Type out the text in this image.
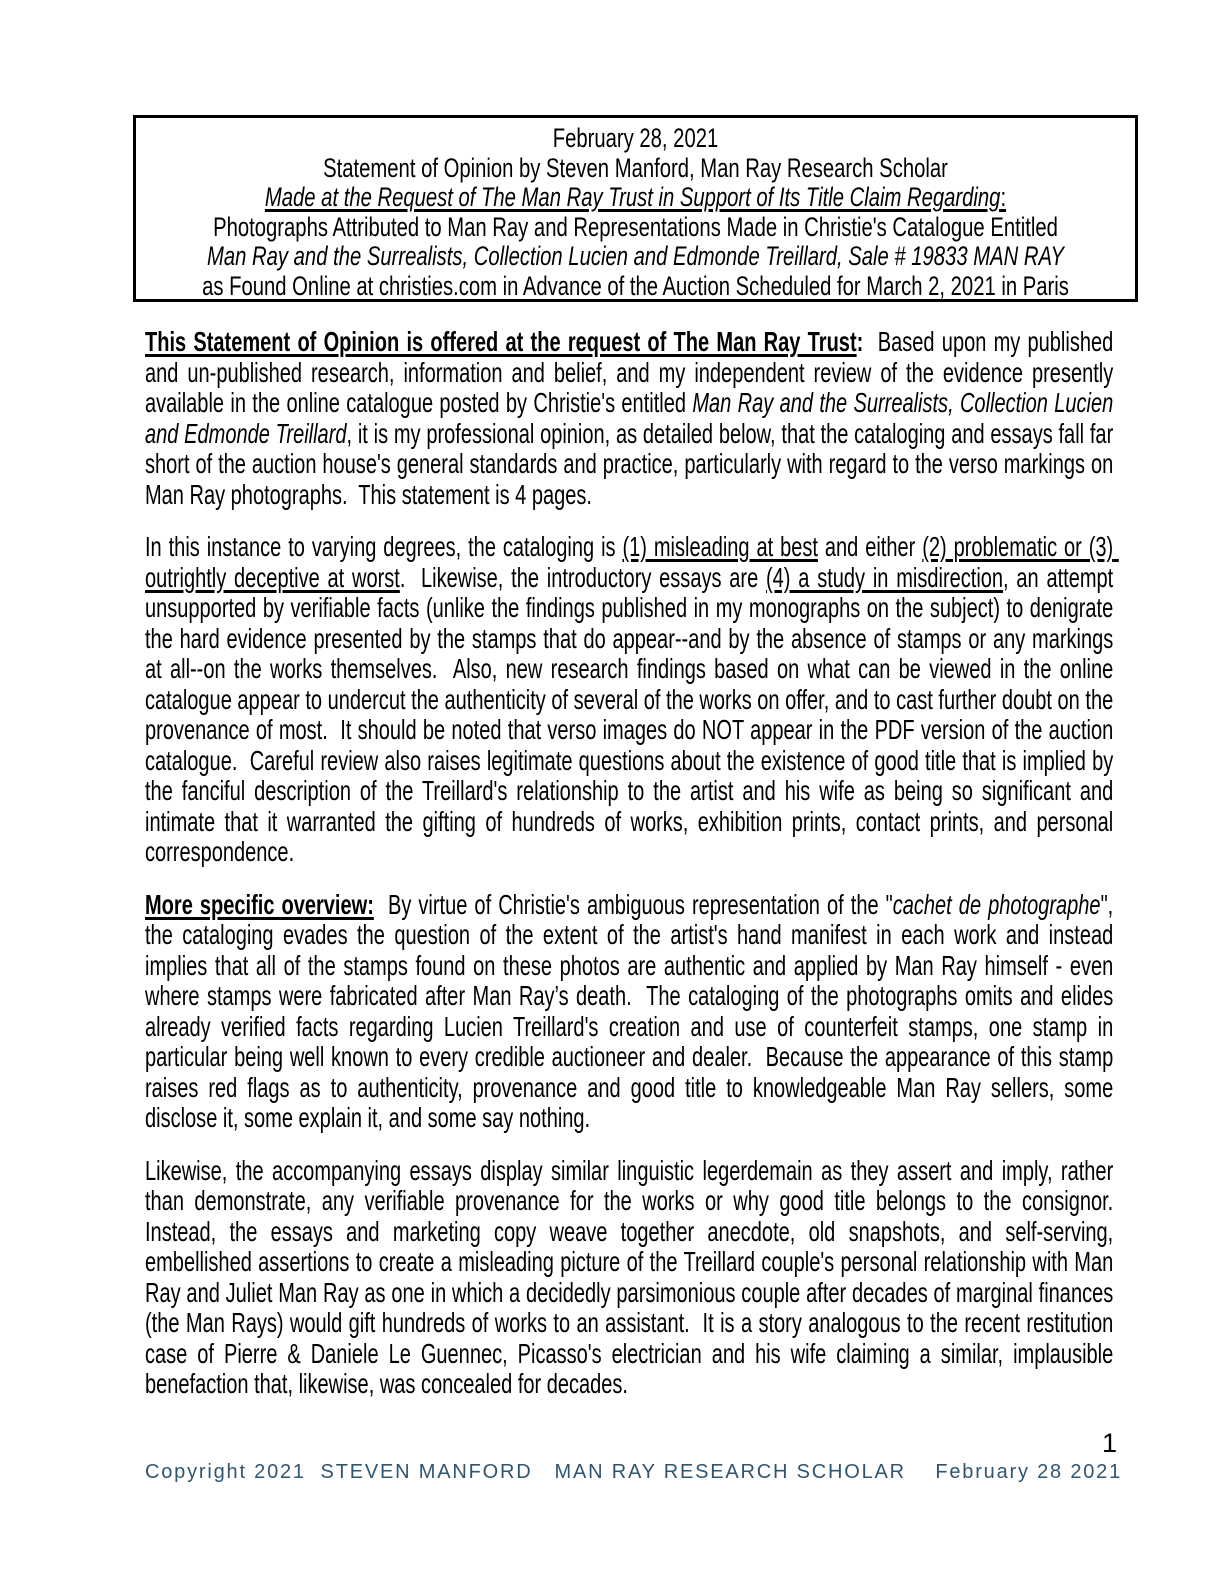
February 28, 2021
Statement of Opinion by Steven Manford, Man Ray Research Scholar
Made at the Request of The Man Ray Trust in Support of Its Title Claim Regarding:
Photographs Attributed to Man Ray and Representations Made in Christie's Catalogue Entitled
Man Ray and the Surrealists, Collection Lucien and Edmonde Treillard, Sale # 19833 MAN RAY
as Found Online at christies.com in Advance of the Auction Scheduled for March 2, 2021 in Paris

This Statement of Opinion is offered at the request of The Man Ray Trust:  Based upon my published and un-published research, information and belief, and my independent review of the evidence presently available in the online catalogue posted by Christie's entitled Man Ray and the Surrealists, Collection Lucien and Edmonde Treillard, it is my professional opinion, as detailed below, that the cataloging and essays fall far short of the auction house's general standards and practice, particularly with regard to the verso markings on Man Ray photographs.  This statement is 4 pages.

In this instance to varying degrees, the cataloging is (1) misleading at best and either (2) problematic or (3) outrightly deceptive at worst.  Likewise, the introductory essays are (4) a study in misdirection, an attempt unsupported by verifiable facts (unlike the findings published in my monographs on the subject) to denigrate the hard evidence presented by the stamps that do appear--and by the absence of stamps or any markings at all--on the works themselves.  Also, new research findings based on what can be viewed in the online catalogue appear to undercut the authenticity of several of the works on offer, and to cast further doubt on the provenance of most.  It should be noted that verso images do NOT appear in the PDF version of the auction catalogue.  Careful review also raises legitimate questions about the existence of good title that is implied by the fanciful description of the Treillard's relationship to the artist and his wife as being so significant and intimate that it warranted the gifting of hundreds of works, exhibition prints, contact prints, and personal correspondence.

More specific overview:  By virtue of Christie's ambiguous representation of the "cachet de photographe", the cataloging evades the question of the extent of the artist's hand manifest in each work and instead implies that all of the stamps found on these photos are authentic and applied by Man Ray himself - even where stamps were fabricated after Man Ray’s death.  The cataloging of the photographs omits and elides already verified facts regarding Lucien Treillard's creation and use of counterfeit stamps, one stamp in particular being well known to every credible auctioneer and dealer.  Because the appearance of this stamp raises red flags as to authenticity, provenance and good title to knowledgeable Man Ray sellers, some disclose it, some explain it, and some say nothing.

Likewise, the accompanying essays display similar linguistic legerdemain as they assert and imply, rather than demonstrate, any verifiable provenance for the works or why good title belongs to the consignor.  Instead, the essays and marketing copy weave together anecdote, old snapshots, and self-serving, embellished assertions to create a misleading picture of the Treillard couple's personal relationship with Man Ray and Juliet Man Ray as one in which a decidedly parsimonious couple after decades of marginal finances (the Man Rays) would gift hundreds of works to an assistant.  It is a story analogous to the recent restitution case of Pierre & Daniele Le Guennec, Picasso's electrician and his wife claiming a similar, implausible benefaction that, likewise, was concealed for decades.

1
Copyright 2021  STEVEN MANFORD   MAN RAY RESEARCH SCHOLAR    February 28 2021
